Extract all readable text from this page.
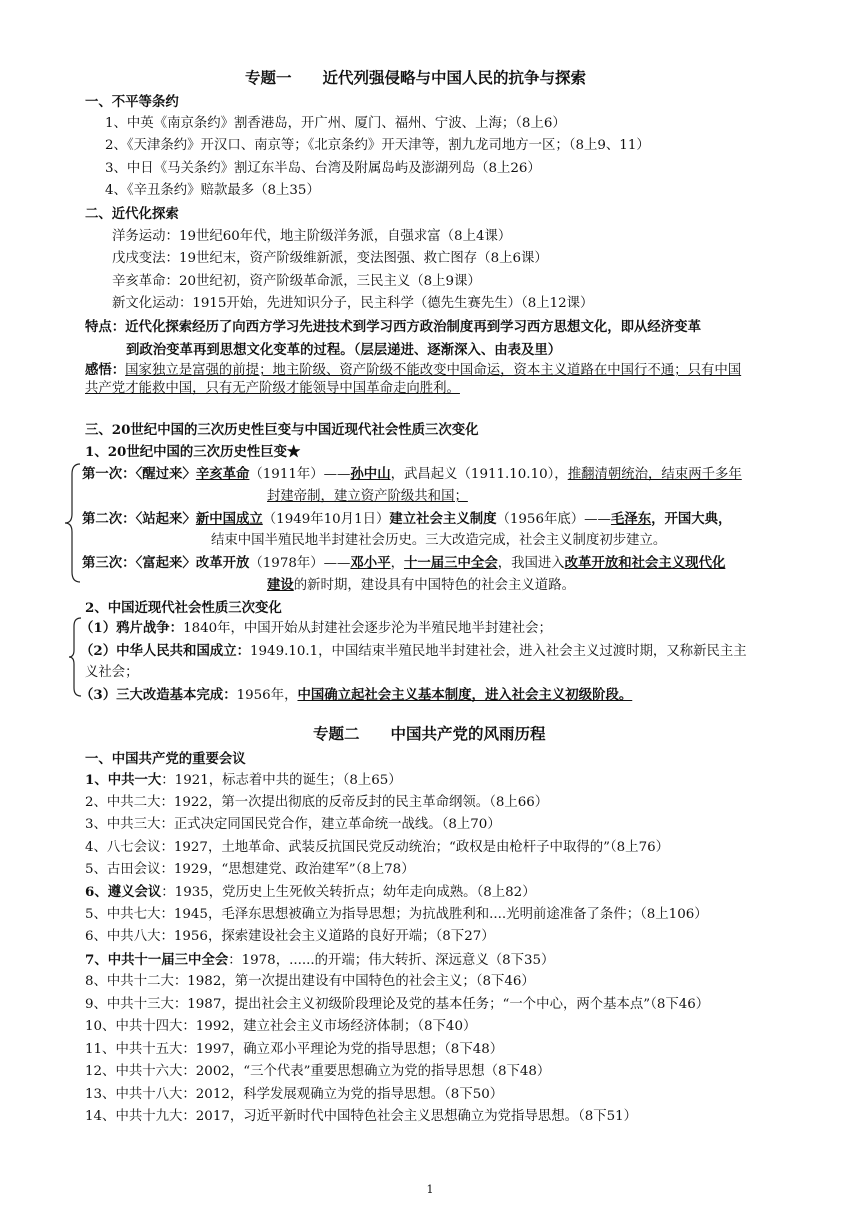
专题一　　近代列强侵略与中国人民的抗争与探索
一、不平等条约
1、中英《南京条约》割香港岛，开广州、厦门、福州、宁波、上海；（8上6）
2、《天津条约》开汉口、南京等；《北京条约》开天津等，割九龙司地方一区；（8上9、11）
3、中日《马关条约》割辽东半岛、台湾及附属岛屿及澎湖列岛（8上26）
4、《辛丑条约》赔款最多（8上35）
二、近代化探索
洋务运动：19世纪60年代，地主阶级洋务派，自强求富（8上4课）
戊戌变法：19世纪末，资产阶级维新派，变法图强、救亡图存（8上6课）
辛亥革命：20世纪初，资产阶级革命派，三民主义（8上9课）
新文化运动：1915开始，先进知识分子，民主科学（德先生赛先生）（8上12课）
特点：近代化探索经历了向西方学习先进技术到学习西方政治制度再到学习西方思想文化，即从经济变革
到政治变革再到思想文化变革的过程。（层层递进、逐渐深入、由表及里）
感悟：国家独立是富强的前提；地主阶级、资产阶级不能改变中国命运，资本主义道路在中国行不通；只有中国
共产党才能救中国，只有无产阶级才能领导中国革命走向胜利。
三、20世纪中国的三次历史性巨变与中国近现代社会性质三次变化
1、20世纪中国的三次历史性巨变★
第一次：〈醒过来〉辛亥革命（1911年）——孙中山，武昌起义（1911.10.10），推翻清朝统治，结束两千多年
封建帝制，建立资产阶级共和国；
第二次：〈站起来〉新中国成立（1949年10月1日）建立社会主义制度（1956年底）——毛泽东，开国大典，
结束中国半殖民地半封建社会历史。三大改造完成，社会主义制度初步建立。
第三次：〈富起来〉改革开放（1978年）——邓小平，十一届三中全会，我国进入改革开放和社会主义现代化
建设的新时期，建设具有中国特色的社会主义道路。
2、中国近现代社会性质三次变化
（1）鸦片战争：1840年，中国开始从封建社会逐步沦为半殖民地半封建社会；
（2）中华人民共和国成立：1949.10.1，中国结束半殖民地半封建社会，进入社会主义过渡时期，又称新民主主
义社会；
（3）三大改造基本完成：1956年，中国确立起社会主义基本制度，进入社会主义初级阶段。
专题二　　中国共产党的风雨历程
一、中国共产党的重要会议
1、中共一大：1921，标志着中共的诞生；（8上65）
2、中共二大：1922，第一次提出彻底的反帝反封的民主革命纲领。（8上66）
3、中共三大：正式决定同国民党合作，建立革命统一战线。（8上70）
4、八七会议：1927，土地革命、武装反抗国民党反动统治；“政权是由枪杆子中取得的”（8上76）
5、古田会议：1929，“思想建党、政治建军”（8上78）
6、遵义会议：1935，党历史上生死攸关转折点；幼年走向成熟。（8上82）
5、中共七大：1945，毛泽东思想被确立为指导思想；为抗战胜利和....光明前途准备了条件；（8上106）
6、中共八大：1956，探索建设社会主义道路的良好开端；（8下27）
7、中共十一届三中全会：1978，......的开端；伟大转折、深远意义（8下35）
8、中共十二大：1982，第一次提出建设有中国特色的社会主义；（8下46）
9、中共十三大：1987，提出社会主义初级阶段理论及党的基本任务；“一个中心，两个基本点”（8下46）
10、中共十四大：1992，建立社会主义市场经济体制；（8下40）
11、中共十五大：1997，确立邓小平理论为党的指导思想；（8下48）
12、中共十六大：2002，“三个代表”重要思想确立为党的指导思想（8下48）
13、中共十八大：2012，科学发展观确立为党的指导思想。（8下50）
14、中共十九大：2017，习近平新时代中国特色社会主义思想确立为党指导思想。（8下51）
1
